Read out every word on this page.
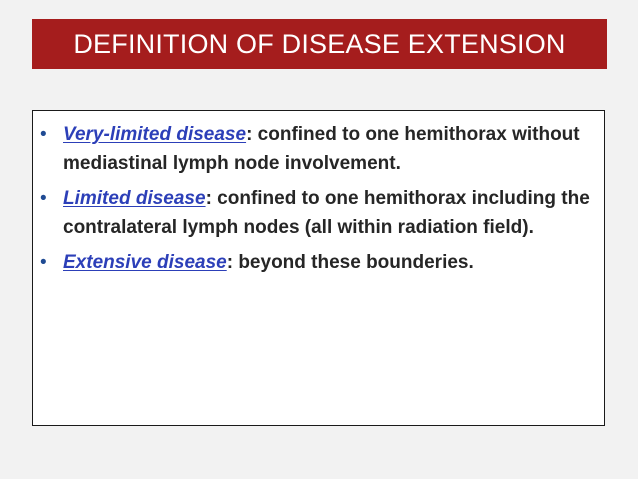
DEFINITION OF DISEASE EXTENSION
• Very-limited disease: confined to one hemithorax without mediastinal lymph node involvement.
• Limited disease: confined to one hemithorax including the contralateral lymph nodes (all within radiation field).
• Extensive disease: beyond these bounderies.
